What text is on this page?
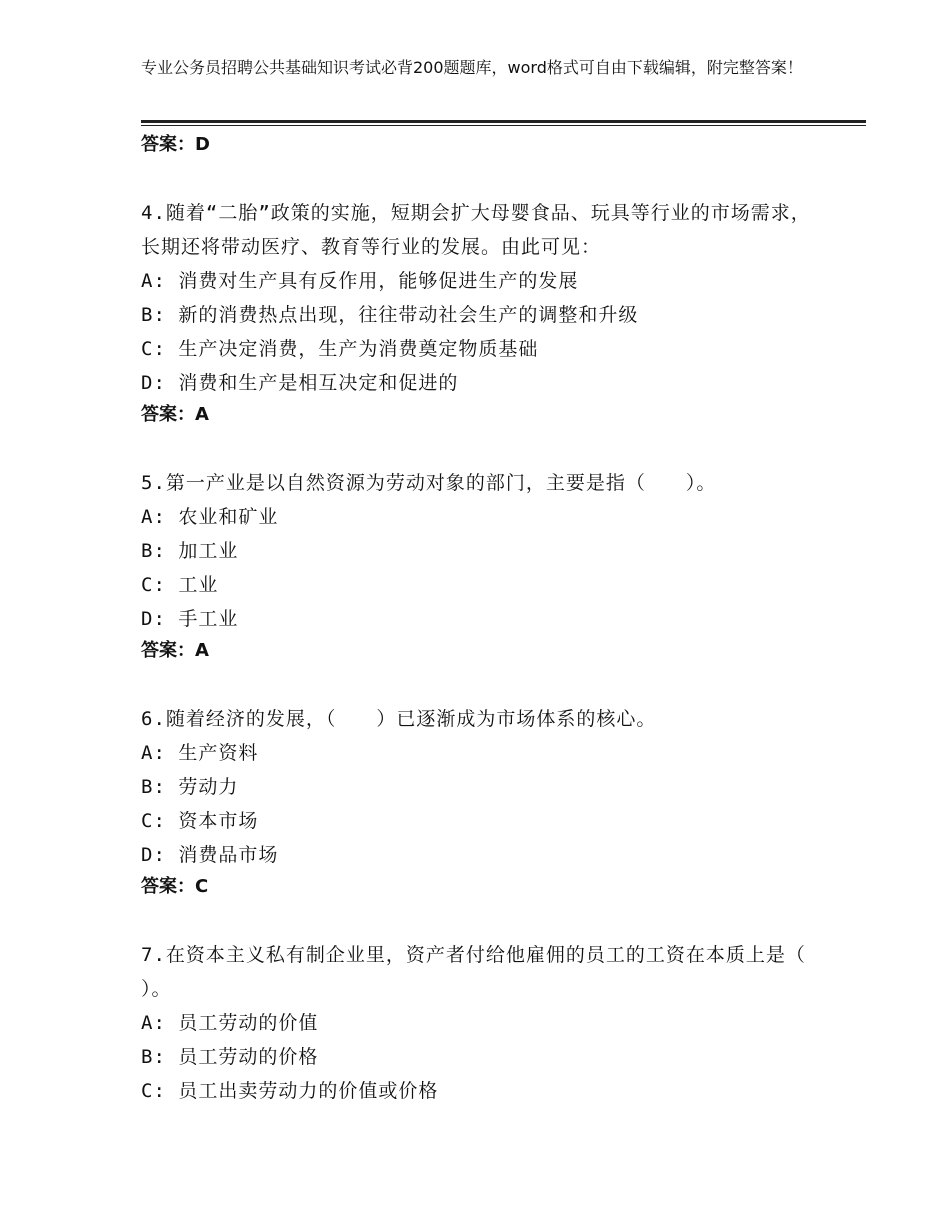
专业公务员招聘公共基础知识考试必背200题题库，word格式可自由下载编辑，附完整答案！
答案：D
4.随着“二胎”政策的实施，短期会扩大母婴食品、玩具等行业的市场需求，长期还将带动医疗、教育等行业的发展。由此可见：
A: 消费对生产具有反作用，能够促进生产的发展
B: 新的消费热点出现，往往带动社会生产的调整和升级
C: 生产决定消费，生产为消费奠定物质基础
D: 消费和生产是相互决定和促进的
答案：A
5.第一产业是以自然资源为劳动对象的部门，主要是指（　　）。
A: 农业和矿业
B: 加工业
C: 工业
D: 手工业
答案：A
6.随着经济的发展，（　　）已逐渐成为市场体系的核心。
A: 生产资料
B: 劳动力
C: 资本市场
D: 消费品市场
答案：C
7.在资本主义私有制企业里，资产者付给他雇佣的员工的工资在本质上是（ ）。
A: 员工劳动的价值
B: 员工劳动的价格
C: 员工出卖劳动力的价值或价格
